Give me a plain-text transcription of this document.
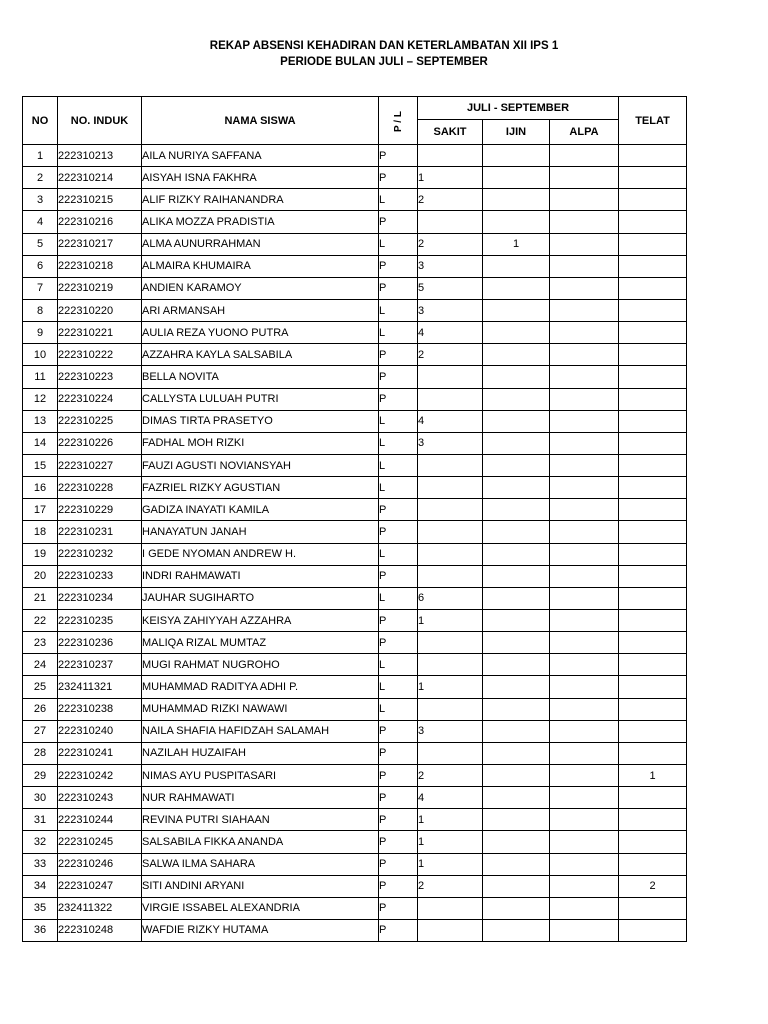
REKAP ABSENSI KEHADIRAN DAN KETERLAMBATAN XII IPS 1
PERIODE BULAN JULI – SEPTEMBER
NO	NO. INDUK	NAMA SISWA	P / L	JULI - SEPTEMBER			TELAT
				SAKIT	IJIN	ALPA	
1	222310213	AILA NURIYA SAFFANA	P				
2	222310214	AISYAH ISNA FAKHRA	P	1			
3	222310215	ALIF RIZKY RAIHANANDRA	L	2			
4	222310216	ALIKA MOZZA PRADISTIA	P				
5	222310217	ALMA AUNURRAHMAN	L	2	1		
6	222310218	ALMAIRA KHUMAIRA	P	3			
7	222310219	ANDIEN KARAMOY	P	5			
8	222310220	ARI ARMANSAH	L	3			
9	222310221	AULIA REZA YUONO PUTRA	L	4			
10	222310222	AZZAHRA KAYLA SALSABILA	P	2			
11	222310223	BELLA NOVITA	P				
12	222310224	CALLYSTA LULUAH PUTRI	P				
13	222310225	DIMAS TIRTA PRASETYO	L	4			
14	222310226	FADHAL MOH RIZKI	L	3			
15	222310227	FAUZI AGUSTI NOVIANSYAH	L				
16	222310228	FAZRIEL RIZKY AGUSTIAN	L				
17	222310229	GADIZA INAYATI KAMILA	P				
18	222310231	HANAYATUN JANAH	P				
19	222310232	I GEDE NYOMAN ANDREW H.	L				
20	222310233	INDRI RAHMAWATI	P				
21	222310234	JAUHAR SUGIHARTO	L	6			
22	222310235	KEISYA ZAHIYYAH AZZAHRA	P	1			
23	222310236	MALIQA RIZAL MUMTAZ	P				
24	222310237	MUGI RAHMAT NUGROHO	L				
25	232411321	MUHAMMAD RADITYA ADHI P.	L	1			
26	222310238	MUHAMMAD RIZKI NAWAWI	L				
27	222310240	NAILA SHAFIA HAFIDZAH SALAMAH	P	3			
28	222310241	NAZILAH HUZAIFAH	P				
29	222310242	NIMAS AYU PUSPITASARI	P	2			1
30	222310243	NUR RAHMAWATI	P	4			
31	222310244	REVINA PUTRI SIAHAAN	P	1			
32	222310245	SALSABILA FIKKA ANANDA	P	1			
33	222310246	SALWA ILMA SAHARA	P	1			
34	222310247	SITI ANDINI ARYANI	P	2			2
35	232411322	VIRGIE ISSABEL ALEXANDRIA	P				
36	222310248	WAFDIE RIZKY HUTAMA	P				
